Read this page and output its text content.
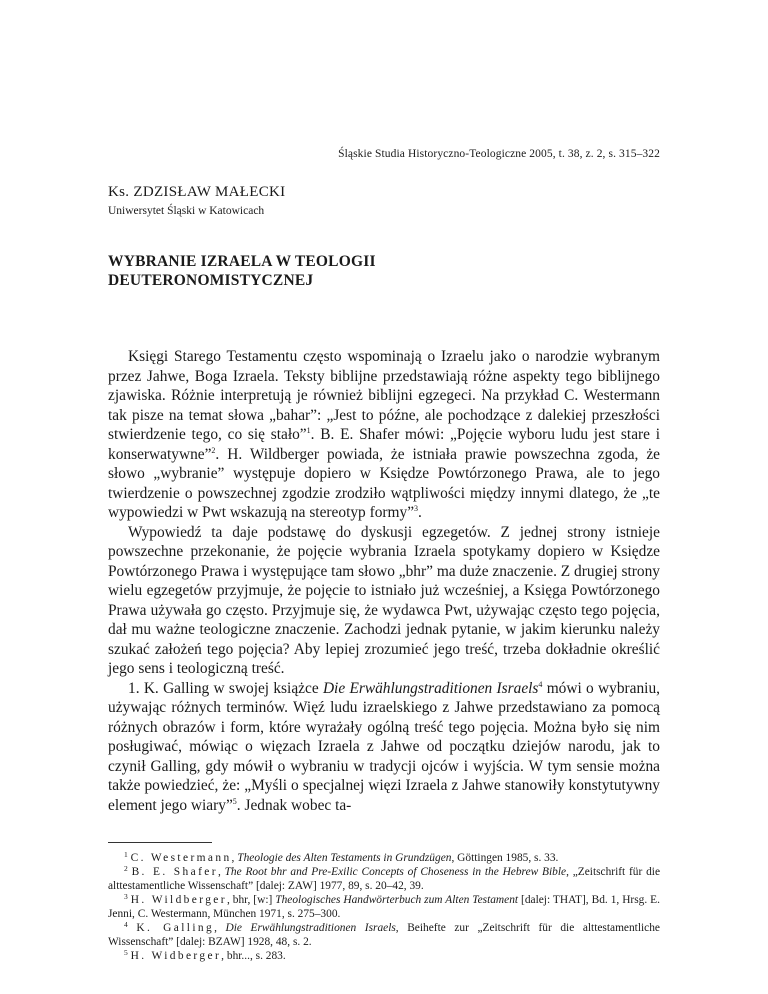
Śląskie Studia Historyczno-Teologiczne 2005, t. 38, z. 2, s. 315–322
Ks. ZDZISŁAW MAŁECKI
Uniwersytet Śląski w Katowicach
WYBRANIE IZRAELA W TEOLOGII
DEUTERONOMISTYCZNEJ

Księgi Starego Testamentu często wspominają o Izraelu jako o narodzie wybranym przez Jahwe, Boga Izraela. Teksty biblijne przedstawiają różne aspekty tego biblijnego zjawiska. Różnie interpretują je również biblijni egzegeci. Na przykład C. Westermann tak pisze na temat słowa „bahar”: „Jest to późne, ale pochodzące z dalekiej przeszłości stwierdzenie tego, co się stało”$^1$. B. E. Shafer mówi: „Pojęcie wyboru ludu jest stare i konserwatywne”$^2$. H. Wildberger powiada, że istniała prawie powszechna zgoda, że słowo „wybranie” występuje dopiero w Księdze Powtórzonego Prawa, ale to jego twierdzenie o powszechnej zgodzie zrodziło wątpliwości między innymi dlatego, że „te wypowiedzi w Pwt wskazują na stereotyp formy”$^3$.

Wypowiedź ta daje podstawę do dyskusji egzegetów. Z jednej strony istnieje powszechne przekonanie, że pojęcie wybrania Izraela spotykamy dopiero w Księdze Powtórzonego Prawa i występujące tam słowo „bhr” ma duże znaczenie. Z drugiej strony wielu egzegetów przyjmuje, że pojęcie to istniało już wcześniej, a Księga Powtórzonego Prawa używała go często. Przyjmuje się, że wydawca Pwt, używając często tego pojęcia, dał mu ważne teologiczne znaczenie. Zachodzi jednak pytanie, w jakim kierunku należy szukać założeń tego pojęcia? Aby lepiej zrozumieć jego treść, trzeba dokładnie określić jego sens i teologiczną treść.

1. K. Galling w swojej książce Die Erwählungstraditionen Israels$^4$ mówi o wybraniu, używając różnych terminów. Więź ludu izraelskiego z Jahwe przedstawiano za pomocą różnych obrazów i form, które wyrażały ogólną treść tego pojęcia. Można było się nim posługiwać, mówiąc o więzach Izraela z Jahwe od początku dziejów narodu, jak to czynił Galling, gdy mówił o wybraniu w tradycji ojców i wyjścia. W tym sensie można także powiedzieć, że: „Myśli o specjalnej więzi Izraela z Jahwe stanowiły konstytutywny element jego wiary”$^5$. Jednak wobec ta-

$^1$ C. Westermann, Theologie des Alten Testaments in Grundzügen, Göttingen 1985, s. 33.

$^2$ B. E. Shafer, The Root bhr and Pre-Exilic Concepts of Choseness in the Hebrew Bible, „Zeitschrift für die alttestamentliche Wissenschaft” [dalej: ZAW] 1977, 89, s. 20–42, 39.

$^3$ H. Wildberger, bhr, [w:] Theologisches Handwörterbuch zum Alten Testament [dalej: THAT], Bd. 1, Hrsg. E. Jenni, C. Westermann, München 1971, s. 275–300.

$^4$ K. Galling, Die Erwählungstraditionen Israels, Beihefte zur „Zeitschrift für die alttestamentliche Wissenschaft” [dalej: BZAW] 1928, 48, s. 2.

$^5$ H. Widberger, bhr..., s. 283.
